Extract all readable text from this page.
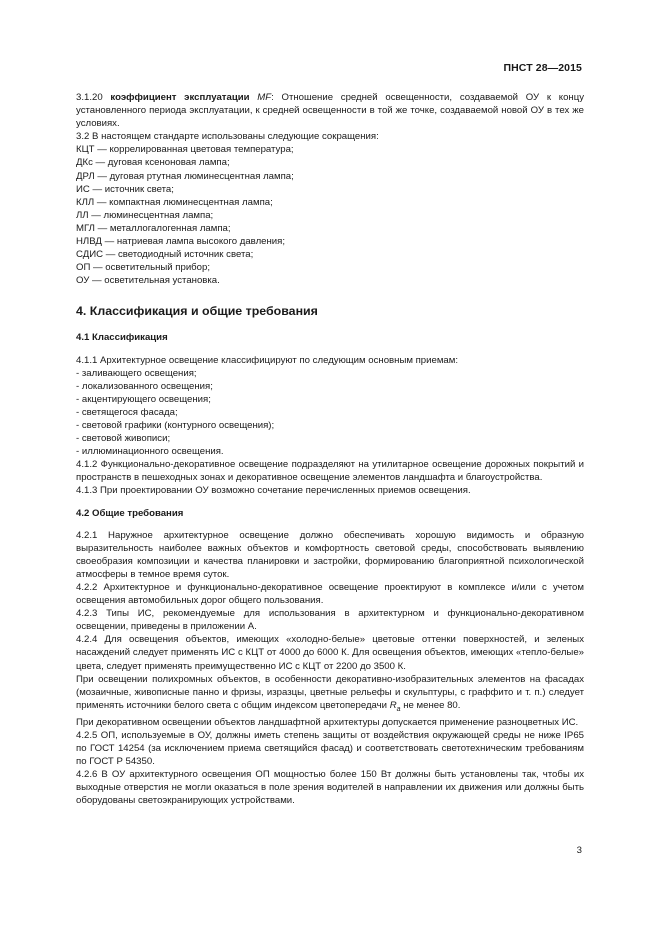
ПНСТ 28—2015

3.1.20 коэффициент эксплуатации MF: Отношение средней освещенности, создаваемой ОУ к концу установленного периода эксплуатации, к средней освещенности в той же точке, создаваемой новой ОУ в тех же условиях.

3.2 В настоящем стандарте использованы следующие сокращения:

КЦТ — коррелированная цветовая температура;

ДКс — дуговая ксеноновая лампа;

ДРЛ — дуговая ртутная люминесцентная лампа;

ИС — источник света;

КЛЛ — компактная люминесцентная лампа;

ЛЛ — люминесцентная лампа;

МГЛ — металлогалогенная лампа;

НЛВД — натриевая лампа высокого давления;

СДИС — светодиодный источник света;

ОП — осветительный прибор;

ОУ — осветительная установка.

4. Классификация и общие требования
4.1 Классификация

4.1.1 Архитектурное освещение классифицируют по следующим основным приемам:

- заливающего освещения;

- локализованного освещения;

- акцентирующего освещения;

- светящегося фасада;

- световой графики (контурного освещения);

- световой живописи;

- иллюминационного освещения.

4.1.2 Функционально-декоративное освещение подразделяют на утилитарное освещение дорожных покрытий и пространств в пешеходных зонах и декоративное освещение элементов ландшафта и благоустройства.

4.1.3 При проектировании ОУ возможно сочетание перечисленных приемов освещения.

4.2 Общие требования

4.2.1 Наружное архитектурное освещение должно обеспечивать хорошую видимость и образную выразительность наиболее важных объектов и комфортность световой среды, способствовать выявлению своеобразия композиции и качества планировки и застройки, формированию благоприятной психологической атмосферы в темное время суток.

4.2.2 Архитектурное и функционально-декоративное освещение проектируют в комплексе и/или с учетом освещения автомобильных дорог общего пользования.

4.2.3 Типы ИС, рекомендуемые для использования в архитектурном и функционально-декоративном освещении, приведены в приложении А.

4.2.4 Для освещения объектов, имеющих «холодно-белые» цветовые оттенки поверхностей, и зеленых насаждений следует применять ИС с КЦТ от 4000 до 6000 К. Для освещения объектов, имеющих «тепло-белые» цвета, следует применять преимущественно ИС с КЦТ от 2200 до 3500 К.

При освещении полихромных объектов, в особенности декоративно-изобразительных элементов на фасадах (мозаичные, живописные панно и фризы, изразцы, цветные рельефы и скульптуры, с граффито и т. п.) следует применять источники белого света с общим индексом цветопередачи $R_a$ не менее 80.

При декоративном освещении объектов ландшафтной архитектуры допускается применение разноцветных ИС.

4.2.5 ОП, используемые в ОУ, должны иметь степень защиты от воздействия окружающей среды не ниже IP65 по ГОСТ 14254 (за исключением приема светящийся фасад) и соответствовать светотехническим требованиям по ГОСТ Р 54350.

4.2.6 В ОУ архитектурного освещения ОП мощностью более 150 Вт должны быть установлены так, чтобы их выходные отверстия не могли оказаться в поле зрения водителей в направлении их движения или должны быть оборудованы светоэкранирующих устройствами.

3
